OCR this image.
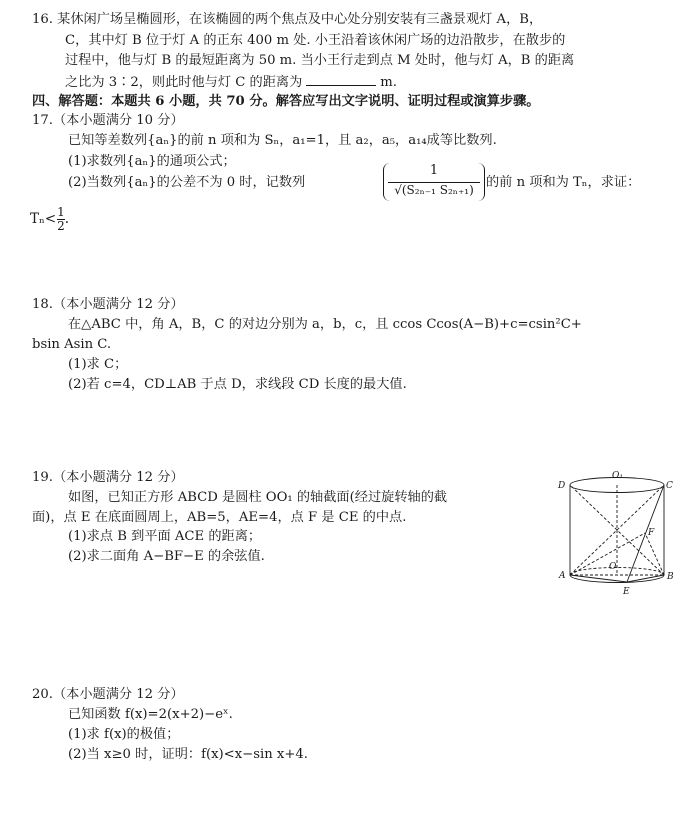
16. 某休闲广场呈椭圆形，在该椭圆的两个焦点及中心处分别安装有三盏景观灯 A，B，
C，其中灯 B 位于灯 A 的正东 400 m 处. 小王沿着该休闲广场的边沿散步，在散步的
过程中，他与灯 B 的最短距离为 50 m. 当小王行走到点 M 处时，他与灯 A，B 的距离
之比为 3∶2，则此时他与灯 C 的距离为	m.
四、解答题：本题共 6 小题，共 70 分。解答应写出文字说明、证明过程或演算步骤。
17.（本小题满分 10 分）
已知等差数列{aₙ}的前 n 项和为 Sₙ，a₁=1，且 a₂，a₅，a₁₄成等比数列.
(1)求数列{aₙ}的通项公式；
(2)当数列{aₙ}的公差不为 0 时，记数列
1
√(S₂ₙ₋₁ S₂ₙ₊₁) 的前 n 项和为 Tₙ，求证：
$T_n< \frac{1}{2}$ .
18.（本小题满分 12 分）
在△ABC 中，角 A，B，C 的对边分别为 a，b，c，且 ccos Ccos(A−B)+c=csin²C+
bsin Asin C.
(1)求 C；
(2)若 c=4，CD⊥AB 于点 D，求线段 CD 长度的最大值.
19.（本小题满分 12 分）
如图，已知正方形 ABCD 是圆柱 OO₁ 的轴截面(经过旋转轴的截
面)，点 E 在底面圆周上，AB=5，AE=4，点 F 是 CE 的中点.
(1)求点 B 到平面 ACE 的距离；
(2)求二面角 A−BF−E 的余弦值.
D
O₁
C
F
O
A	B
E
20.（本小题满分 12 分）
已知函数 f(x)=2(x+2)−eˣ.
(1)求 f(x)的极值；
(2)当 x≥0 时，证明：f(x)<x−sin x+4.
